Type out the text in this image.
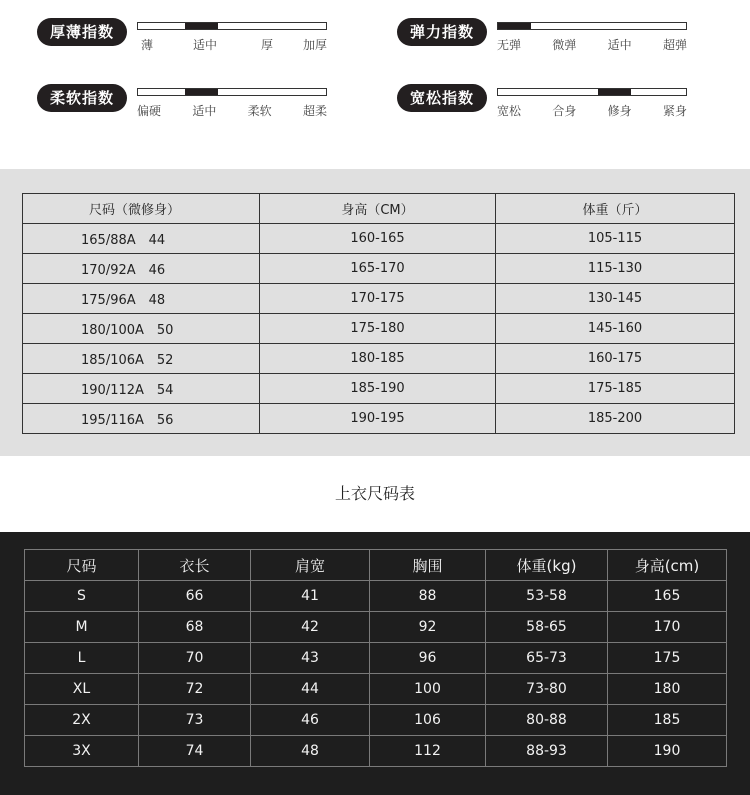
厚薄指数
薄	适中	厚 加厚
弹力指数
无弹	微弹	适中	超弹
柔软指数
偏硬	适中	柔软	超柔
宽松指数
宽松	合身	修身	紧身
尺码（微修身）	身高（CM）	体重（斤）
165/88A　44	160-165	105-115
170/92A　46	165-170	115-130
175/96A　48	170-175	130-145
180/100A　50	175-180	145-160
185/106A　52	180-185	160-175
190/112A　54	185-190	175-185
195/116A　56	190-195	185-200
上衣尺码表
尺码	衣长	肩宽	胸围	体重(kg)	身高(cm)
S	66	41	88	53-58	165
M	68	42	92	58-65	170
L	70	43	96	65-73	175
XL	72	44	100	73-80	180
2X	73	46	106	80-88	185
3X	74	48	112	88-93	190
